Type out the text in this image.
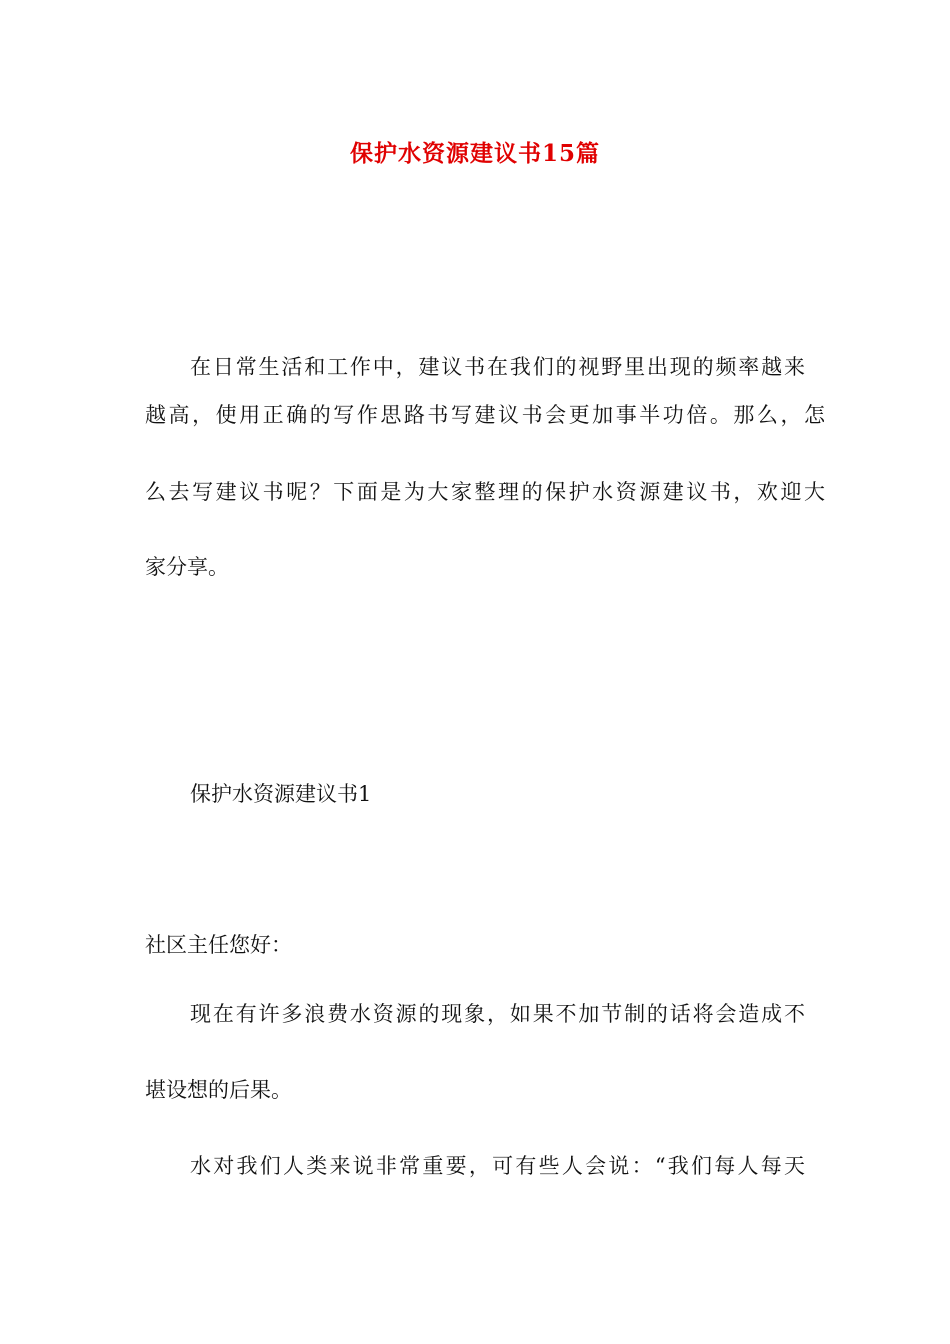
保护水资源建议书15篇
在日常生活和工作中，建议书在我们的视野里出现的频率越来
越高，使用正确的写作思路书写建议书会更加事半功倍。那么，怎
么去写建议书呢？下面是为大家整理的保护水资源建议书，欢迎大
家分享。
保护水资源建议书1
社区主任您好：
现在有许多浪费水资源的现象，如果不加节制的话将会造成不
堪设想的后果。
水对我们人类来说非常重要，可有些人会说：“我们每人每天
